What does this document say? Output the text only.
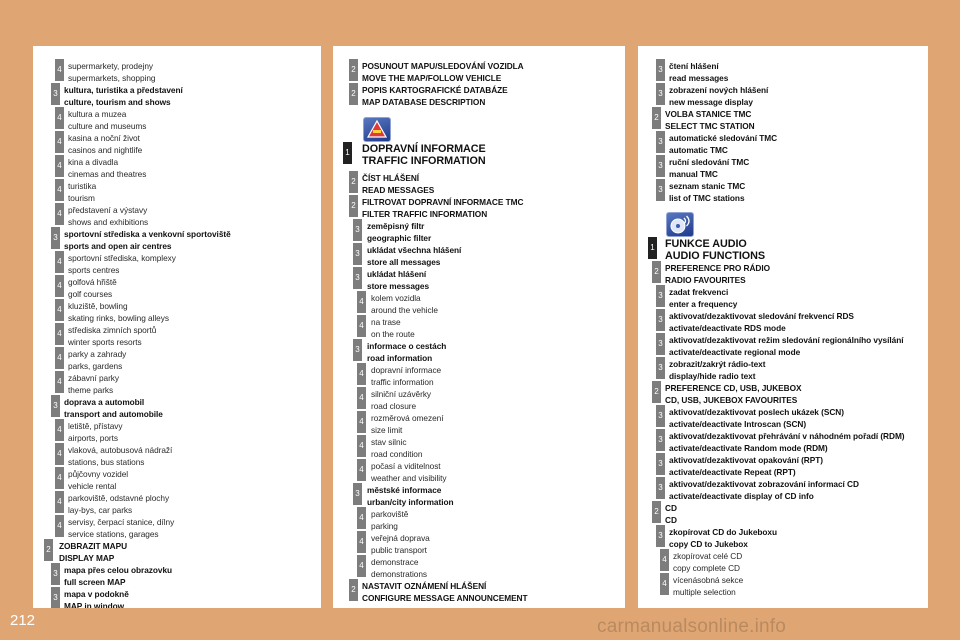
4 supermarkety, prodejny
supermarkets, shopping
3 kultura, turistika a představení
culture, tourism and shows
4 kultura a muzea
culture and museums
4 kasina a noční život
casinos and nightlife
4 kina a divadla
cinemas and theatres
4 turistika
tourism
4 představení a výstavy
shows and exhibitions
3 sportovní střediska a venkovní sportoviště
sports and open air centres
4 sportovní střediska, komplexy
sports centres
4 golfová hřiště
golf courses
4 kluziště, bowling
skating rinks, bowling alleys
4 střediska zimních sportů
winter sports resorts
4 parky a zahrady
parks, gardens
4 zábavní parky
theme parks
3 doprava a automobil
transport and automobile
4 letiště, přístavy
airports, ports
4 vlaková, autobusová nádraží
stations, bus stations
4 půjčovny vozidel
vehicle rental
4 parkoviště, odstavné plochy
lay-bys, car parks
4 servisy, čerpací stanice, dílny
service stations, garages
2 ZOBRAZIT MAPU
DISPLAY MAP
3 mapa přes celou obrazovku
full screen MAP
3 mapa v podokně
MAP in window
2 POSUNOUT MAPU/SLEDOVÁNÍ VOZIDLA
MOVE THE MAP/FOLLOW VEHICLE
2 POPIS KARTOGRAFICKÉ DATABÁZE
MAP DATABASE DESCRIPTION
1 DOPRAVNÍ INFORMACE
TRAFFIC INFORMATION
2 ČÍST HLÁŠENÍ
READ MESSAGES
2 FILTROVAT DOPRAVNÍ INFORMACE TMC
FILTER TRAFFIC INFORMATION
3 zeměpisný filtr
geographic filter
3 ukládat všechna hlášení
store all messages
3 ukládat hlášení
store messages
4 kolem vozidla
around the vehicle
4 na trase
on the route
3 informace o cestách
road information
4 dopravní informace
traffic information
4 silniční uzávěrky
road closure
4 rozměrová omezení
size limit
4 stav silnic
road condition
4 počasí a viditelnost
weather and visibility
3 městské informace
urban/city information
4 parkoviště
parking
4 veřejná doprava
public transport
4 demonstrace
demonstrations
2 NASTAVIT OZNÁMENÍ HLÁŠENÍ
CONFIGURE MESSAGE ANNOUNCEMENT
3 čtení hlášení
read messages
3 zobrazení nových hlášení
new message display
2 VOLBA STANICE TMC
SELECT TMC STATION
3 automatické sledování TMC
automatic TMC
3 ruční sledování TMC
manual TMC
3 seznam stanic TMC
list of TMC stations
1 FUNKCE AUDIO
AUDIO FUNCTIONS
2 PREFERENCE PRO RÁDIO
RADIO FAVOURITES
3 zadat frekvenci
enter a frequency
3 aktivovat/dezaktivovat sledování frekvencí RDS
activate/deactivate RDS mode
3 aktivovat/dezaktivovat režim sledování regionálního vysílání
activate/deactivate regional mode
3 zobrazit/zakrýt rádio-text
display/hide radio text
2 PREFERENCE CD, USB, JUKEBOX
CD, USB, JUKEBOX FAVOURITES
3 aktivovat/dezaktivovat poslech ukázek (SCN)
activate/deactivate Introscan (SCN)
3 aktivovat/dezaktivovat přehrávání v náhodném pořadí (RDM)
activate/deactivate Random mode (RDM)
3 aktivovat/dezaktivovat opakování (RPT)
activate/deactivate Repeat (RPT)
3 aktivovat/dezaktivovat zobrazování informací CD
activate/deactivate display of CD info
2 CD
CD
3 zkopírovat CD do Jukeboxu
copy CD to Jukebox
4 zkopírovat celé CD
copy complete CD
4 vícenásobná sekce
multiple selection
212	carmanualsonline.info
